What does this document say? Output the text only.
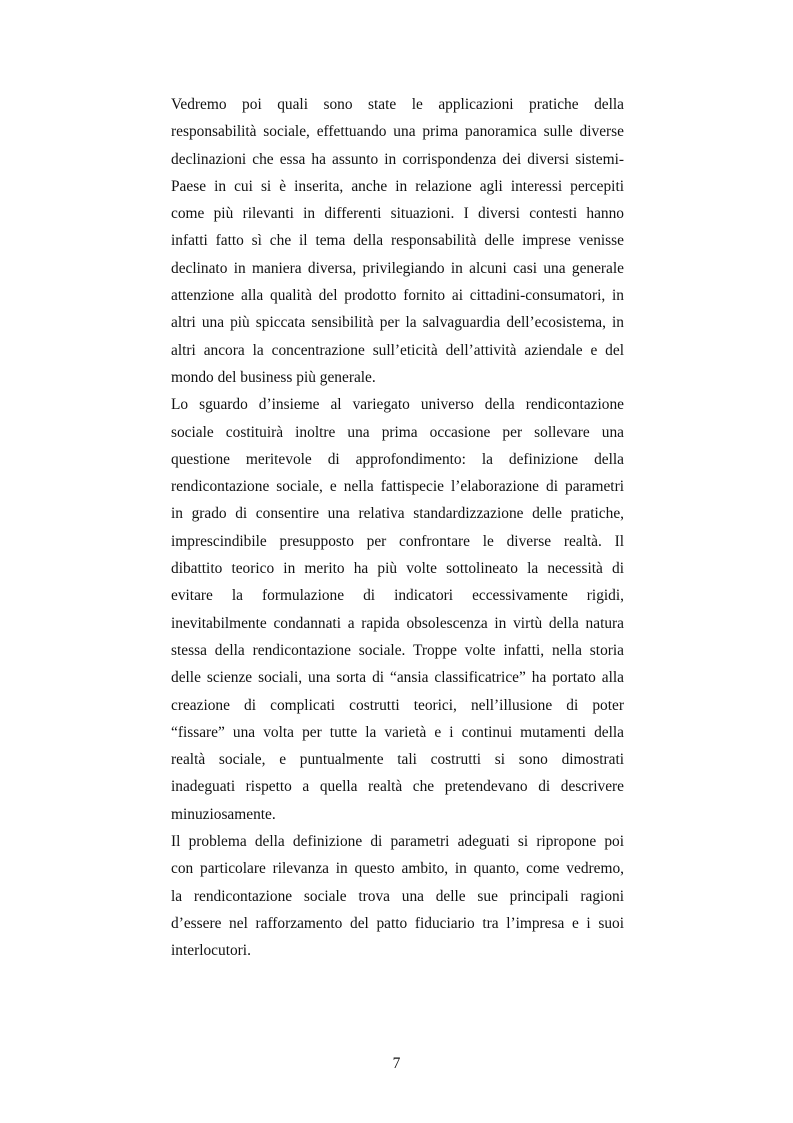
Vedremo poi quali sono state le applicazioni pratiche della
responsabilità sociale, effettuando una prima panoramica sulle diverse
declinazioni che essa ha assunto in corrispondenza dei diversi sistemi-
Paese in cui si è inserita, anche in relazione agli interessi percepiti
come più rilevanti in differenti situazioni. I diversi contesti hanno
infatti fatto sì che il tema della responsabilità delle imprese venisse
declinato in maniera diversa, privilegiando in alcuni casi una generale
attenzione alla qualità del prodotto fornito ai cittadini-consumatori, in
altri una più spiccata sensibilità per la salvaguardia dell’ecosistema, in
altri ancora la concentrazione sull’eticità dell’attività aziendale e del
mondo del business più generale.
Lo sguardo d’insieme al variegato universo della rendicontazione
sociale costituirà inoltre una prima occasione per sollevare una
questione meritevole di approfondimento: la definizione della
rendicontazione sociale, e nella fattispecie l’elaborazione di parametri
in grado di consentire una relativa standardizzazione delle pratiche,
imprescindibile presupposto per confrontare le diverse realtà. Il
dibattito teorico in merito ha più volte sottolineato la necessità di
evitare la formulazione di indicatori eccessivamente rigidi,
inevitabilmente condannati a rapida obsolescenza in virtù della natura
stessa della rendicontazione sociale. Troppe volte infatti, nella storia
delle scienze sociali, una sorta di “ansia classificatrice” ha portato alla
creazione di complicati costrutti teorici, nell’illusione di poter
“fissare” una volta per tutte la varietà e i continui mutamenti della
realtà sociale, e puntualmente tali costrutti si sono dimostrati
inadeguati rispetto a quella realtà che pretendevano di descrivere
minuziosamente.
Il problema della definizione di parametri adeguati si ripropone poi
con particolare rilevanza in questo ambito, in quanto, come vedremo,
la rendicontazione sociale trova una delle sue principali ragioni
d’essere nel rafforzamento del patto fiduciario tra l’impresa e i suoi
interlocutori.
7
